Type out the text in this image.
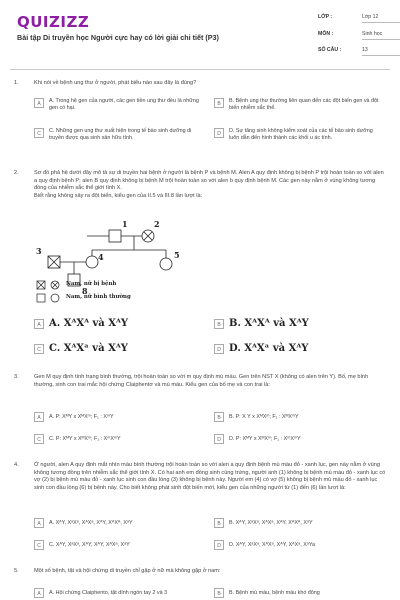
QUIZIZZ
Bài tập Di truyền học Người cực hay có lời giải chi tiết (P3)
LỚP :	Lớp 12
MÔN :	Sinh học
SỐ CÂU :	13
1.	Khi nói về bệnh ung thư ở người, phát biểu nào sau đây là đúng?
A	A. Trong hệ gen của người, các gen tiền ung thư đều là những gen có hại.
B	B. Bệnh ung thư thường liên quan đến các đột biến gen và đột biến nhiễm sắc thể.
C	C. Những gen ung thư xuất hiện trong tế bào sinh dưỡng di truyền được qua sinh sản hữu tính.
D	D. Sự tăng sinh không kiểm soát của các tế bào sinh dưỡng luôn dẫn đến hình thành các khối u ác tính.
2.	Sơ đồ phả hệ dưới đây mô tả sự di truyền hai bệnh ở người là bệnh P và bệnh M. Alen A quy định không bị bệnh P trội hoàn toàn so với alen a quy định bệnh P; alen B quy định không bị bệnh M trội hoàn toàn so với alen b quy định bệnh M. Các gen này nằm ở vùng không tương đồng của nhiễm sắc thể giới tính X.
Biết rằng không xảy ra đột biến, kiểu gen của II.5 và III.8 lần lượt là:
1	2
3
4	5
8
Nam, nữ bị bệnh
Nam, nữ bình thường
A A. XᴬXᴬ và XᴬY	B B. XᴬXᴬ và XᴬY
C C. XᴬXᵃ và XᴬY	D D. XᴬXᵃ và XᴬY
3.	Gen M quy định tính trạng bình thường, trội hoàn toàn so với m quy định mù màu. Gen trên NST X (không có alen trên Y). Bố, mẹ bình thường, sinh con trai mắc hội chứng Claiphentơ và mù màu. Kiểu gen của bố mẹ và con trai là:
A	A. P: XᴹY x XᴹXᵐ; F₁ : XᵐY	B	B. P: X Y x XᴹXᵐ; F₁ : XᴹXᵐY
C	C. P: XᴹY x XᴹXᵐ; F₁ : XᵐXᵐY	D	D. P: XᴹY x XᴹXᵐ; F₁ : XᵐXᵐY
4.	Ở người, alen A quy định mắt nhìn màu bình thường trội hoàn toàn so với alen a quy định bệnh mù màu đỏ - xanh lục, gen này nằm ở vùng không tương đồng trên nhiễm sắc thể giới tính X. Có hai anh em đồng sinh cùng trứng, người anh (1) không bị bệnh mù màu đỏ - xanh lục có vợ (2) bị bệnh mù màu đỏ - xanh lục sinh con đầu lòng (3) không bị bệnh này. Người em (4) có vợ (5) không bị bệnh mù màu đỏ - xanh lục sinh con đầu lòng (6) bị bệnh này. Cho biết không phát sinh đột biến mới, kiểu gen của những người từ (1) đến (6) lần lượt là:
A	A. XᴬY, XᵃXᵃ, XᴬXᵃ, XᴬY, XᴬXᴬ, XᵃY	B	B. XᴬY, XᵃXᵃ, XᴬXᵃ, XᴬY, XᴬXᴬ, XᵃY
C	C. XᴬY, XᵃXᵃ, XᴬY, XᴬY, XᴬXᵃ, XᵃY	D	D. XᴬY, XᵃXᵃ, XᴬXᵃ, XᴬY, XᴬXᵃ, XᵃYa
5.	Một số bệnh, tật và hội chứng di truyền chỉ gặp ở nữ mà không gặp ở nam:
A	A. Hội chứng Claiphento, tật dính ngón tay 2 và 3	B	B. Bệnh mù màu, bệnh máu khó đông
